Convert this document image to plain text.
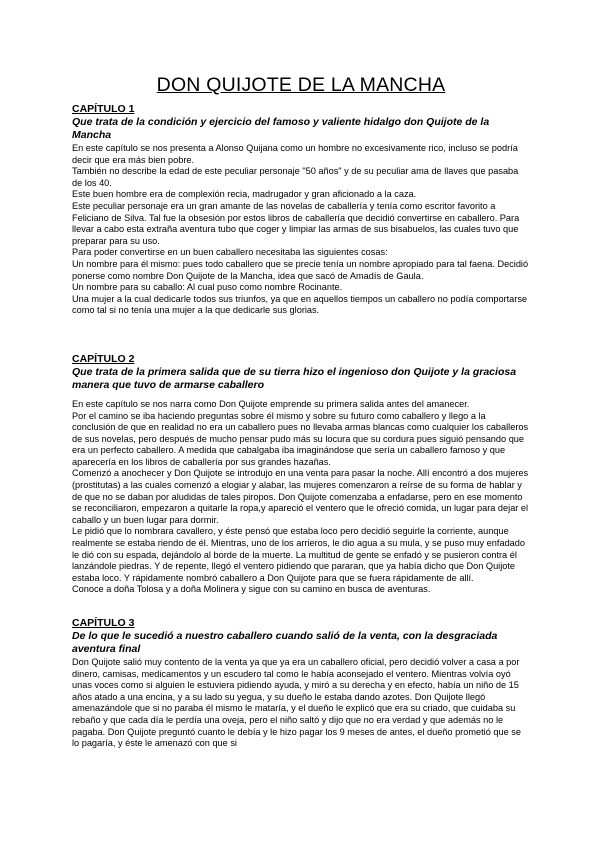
DON QUIJOTE DE LA MANCHA

CAPÍTULO 1

Que trata de la condición y ejercicio del famoso y valiente hidalgo don Quijote de la Mancha

En este capítulo se nos presenta a Alonso Quijana como un hombre no excesivamente rico, incluso se podría decir que era más bien pobre.

También no describe la edad de este peculiar personaje "50 años" y de su peculiar ama de llaves que pasaba de los 40.

Este buen hombre era de complexión recia, madrugador y gran aficionado a la caza.

Este peculiar personaje era un gran amante de las novelas de caballería y tenía como escritor favorito a Feliciano de Silva. Tal fue la obsesión por estos libros de caballería que decidió convertirse en caballero. Para llevar a cabo esta extraña aventura tubo que coger y limpiar las armas de sus bisabuelos, las cuales tuvo que preparar para su uso.

Para poder convertirse en un buen caballero necesitaba las siguientes cosas:

Un nombre para él mismo: pues todo caballero que se precie tenía un nombre apropiado para tal faena. Decidió ponerse como nombre Don Quijote de la Mancha, idea que sacó de Amadís de Gaula.

Un nombre para su caballo: Al cual puso como nombre Rocinante.

Una mujer a la cual dedicarle todos sus triunfos, ya que en aquellos tiempos un caballero no podía comportarse como tal si no tenía una mujer a la que dedicarle sus glorias.

CAPÍTULO 2

Que trata de la primera salida que de su tierra hizo el ingenioso don Quijote y la graciosa manera que tuvo de armarse caballero

En este capítulo se nos narra como Don Quijote emprende su primera salida antes del amanecer.

Por el camino se iba haciendo preguntas sobre él mismo y sobre su futuro como caballero y llego a la conclusión de que en realidad no era un caballero pues no llevaba armas blancas como cualquier los caballeros de sus novelas, pero después de mucho pensar pudo más su locura que su cordura pues siguió pensando que era un perfecto caballero. A medida que cabalgaba iba imaginándose que sería un caballero famoso y que aparecería en los libros de caballería por sus grandes hazañas.

Comenzó a anochecer y Don Quijote se introdujo en una venta para pasar la noche. Allí encontró a dos mujeres (prostitutas) a las cuales comenzó a elogiar y alabar, las mujeres comenzaron a reírse de su forma de hablar y de que no se daban por aludidas de tales piropos. Don Quijote comenzaba a enfadarse, pero en ese momento se reconciliaron, empezaron a quitarle la ropa,y apareció el ventero que le ofreció comida, un lugar para dejar el caballo y un buen lugar para dormir.

Le pidió que lo nombrara cavallero, y éste pensó que estaba loco pero decidió seguirle la corriente, aunque realmente se estaba riendo de él. Mientras, uno de los arrieros, le dio agua a su mula, y se puso muy enfadado le dió con su espada, dejándolo al borde de la muerte. La multitud de gente se enfadó y se pusieron contra él lanzándole piedras. Y de repente, llegó el ventero pidiendo que pararan, que ya había dicho que Don Quijote estaba loco. Y rápidamente nombró caballero a Don Quijote para que se fuera rápidamente de allí.

Conoce a doña Tolosa y a doña Molinera y sigue con su camino en busca de aventuras.

CAPÍTULO 3

De lo que le sucedió a nuestro caballero cuando salió de la venta, con la desgraciada aventura final

Don Quijote salió muy contento de la venta ya que ya era un caballero oficial, pero decidió volver a casa a por dinero, camisas, medicamentos y un escudero tal como le había aconsejado el ventero. Mientras volvía oyó unas voces como si alguien le estuviera pidiendo ayuda, y miró a su derecha y en efecto, había un niño de 15 años atado a una encina, y a su lado su yegua, y su dueño le estaba dando azotes. Don Quijote llegó amenazándole que si no paraba él mismo le mataría, y el dueño le explicó que era su criado, que cuidaba su rebaño y que cada día le perdía una oveja, pero el niño saltó y dijo que no era verdad y que además no le pagaba. Don Quijote preguntó cuanto le debía y le hizo pagar los 9 meses de antes, el dueño prometió que se lo pagaría, y éste le amenazó con que si
